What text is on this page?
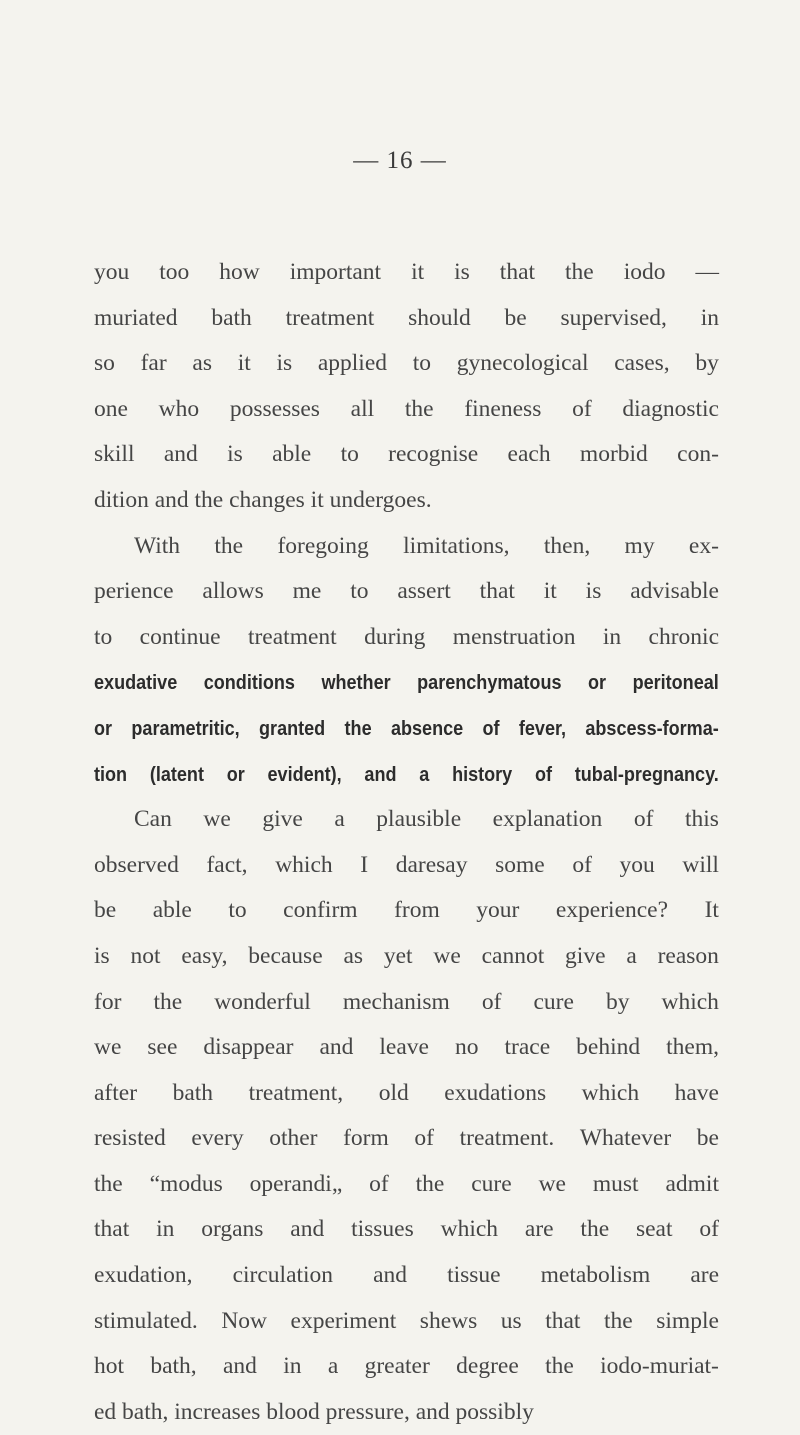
— 16 —
you too how important it is that the iodo —
muriated bath treatment should be supervised, in
so far as it is applied to gynecological cases, by
one who possesses all the fineness of diagnostic
skill and is able to recognise each morbid con-
dition and the changes it undergoes.
With the foregoing limitations, then, my ex-
perience allows me to assert that it is advisable
to continue treatment during menstruation in chronic
exudative conditions whether parenchymatous or peritoneal
or parametritic, granted the absence of fever, abscess-forma-
tion (latent or evident), and a history of tubal-pregnancy.
Can we give a plausible explanation of this
observed fact, which I daresay some of you will
be able to confirm from your experience? It
is not easy, because as yet we cannot give a reason
for the wonderful mechanism of cure by which
we see disappear and leave no trace behind them,
after bath treatment, old exudations which have
resisted every other form of treatment. Whatever be
the “modus operandi„ of the cure we must admit
that in organs and tissues which are the seat of
exudation, circulation and tissue metabolism are
stimulated. Now experiment shews us that the simple
hot bath, and in a greater degree the iodo-muriat-
ed bath, increases blood pressure, and possibly
